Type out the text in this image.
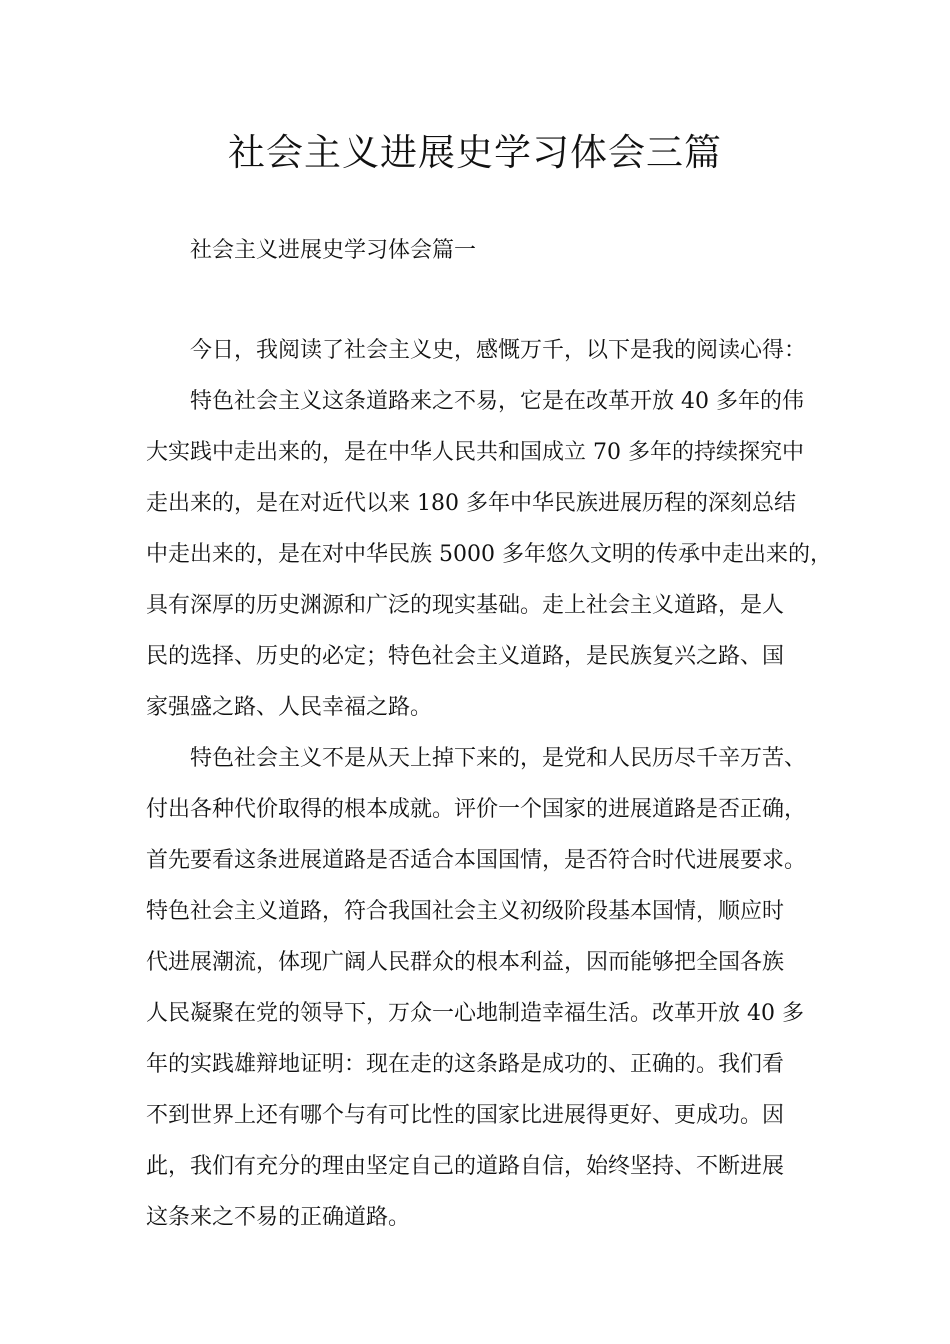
社会主义进展史学习体会三篇

社会主义进展史学习体会篇一

今日，我阅读了社会主义史，感慨万千，以下是我的阅读心得：

特色社会主义这条道路来之不易，它是在改革开放 40 多年的伟

大实践中走出来的，是在中华人民共和国成立 70 多年的持续探究中

走出来的，是在对近代以来 180 多年中华民族进展历程的深刻总结

中走出来的，是在对中华民族 5000 多年悠久文明的传承中走出来的，

具有深厚的历史渊源和广泛的现实基础。走上社会主义道路，是人

民的选择、历史的必定；特色社会主义道路，是民族复兴之路、国

家强盛之路、人民幸福之路。

特色社会主义不是从天上掉下来的，是党和人民历尽千辛万苦、

付出各种代价取得的根本成就。评价一个国家的进展道路是否正确，

首先要看这条进展道路是否适合本国国情，是否符合时代进展要求。

特色社会主义道路，符合我国社会主义初级阶段基本国情，顺应时

代进展潮流，体现广阔人民群众的根本利益，因而能够把全国各族

人民凝聚在党的领导下，万众一心地制造幸福生活。改革开放 40 多

年的实践雄辩地证明：现在走的这条路是成功的、正确的。我们看

不到世界上还有哪个与有可比性的国家比进展得更好、更成功。因

此，我们有充分的理由坚定自己的道路自信，始终坚持、不断进展

这条来之不易的正确道路。
